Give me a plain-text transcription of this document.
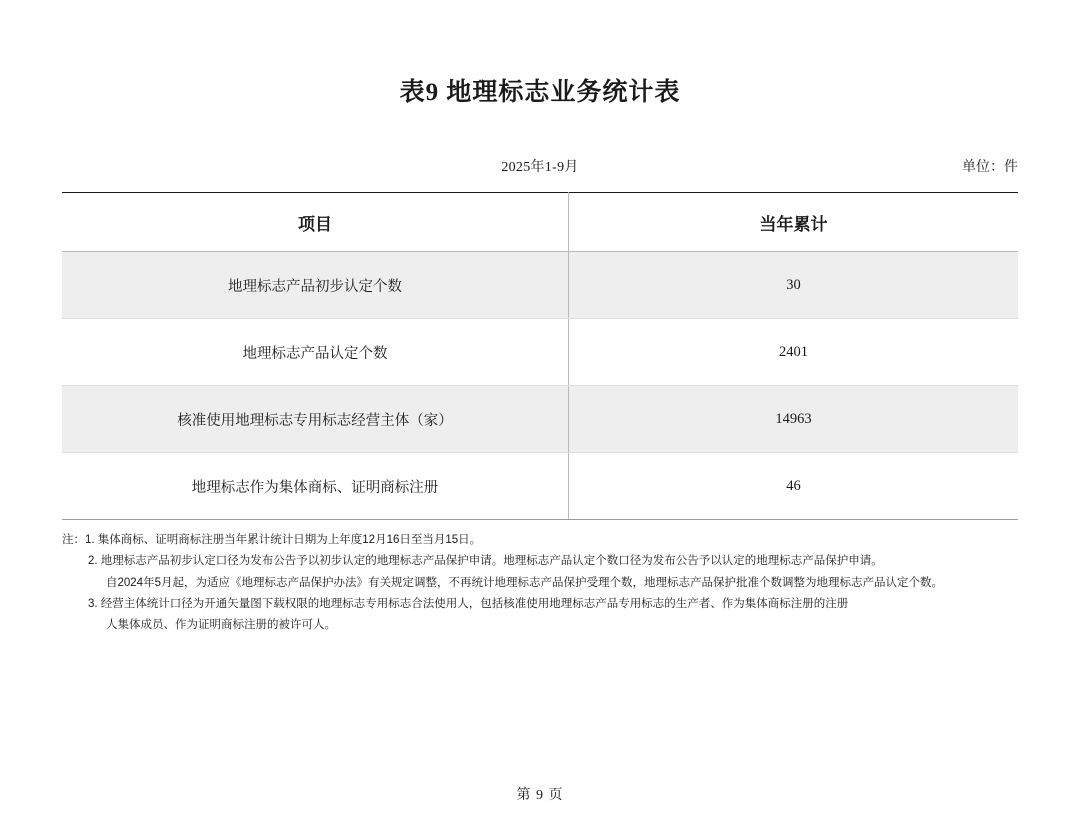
表9 地理标志业务统计表
2025年1-9月	单位：件
项目	当年累计
地理标志产品初步认定个数	30
地理标志产品认定个数	2401
核准使用地理标志专用标志经营主体（家）	14963
地理标志作为集体商标、证明商标注册	46
注：1. 集体商标、证明商标注册当年累计统计日期为上年度12月16日至当月15日。
2. 地理标志产品初步认定口径为发布公告予以初步认定的地理标志产品保护申请。地理标志产品认定个数口径为发布公告予以认定的地理标志产品保护申请。
自2024年5月起，为适应《地理标志产品保护办法》有关规定调整，不再统计地理标志产品保护受理个数，地理标志产品保护批准个数调整为地理标志产品认定个数。
3. 经营主体统计口径为开通矢量图下载权限的地理标志专用标志合法使用人，包括核准使用地理标志产品专用标志的生产者、作为集体商标注册的注册
人集体成员、作为证明商标注册的被许可人。
第 9 页
